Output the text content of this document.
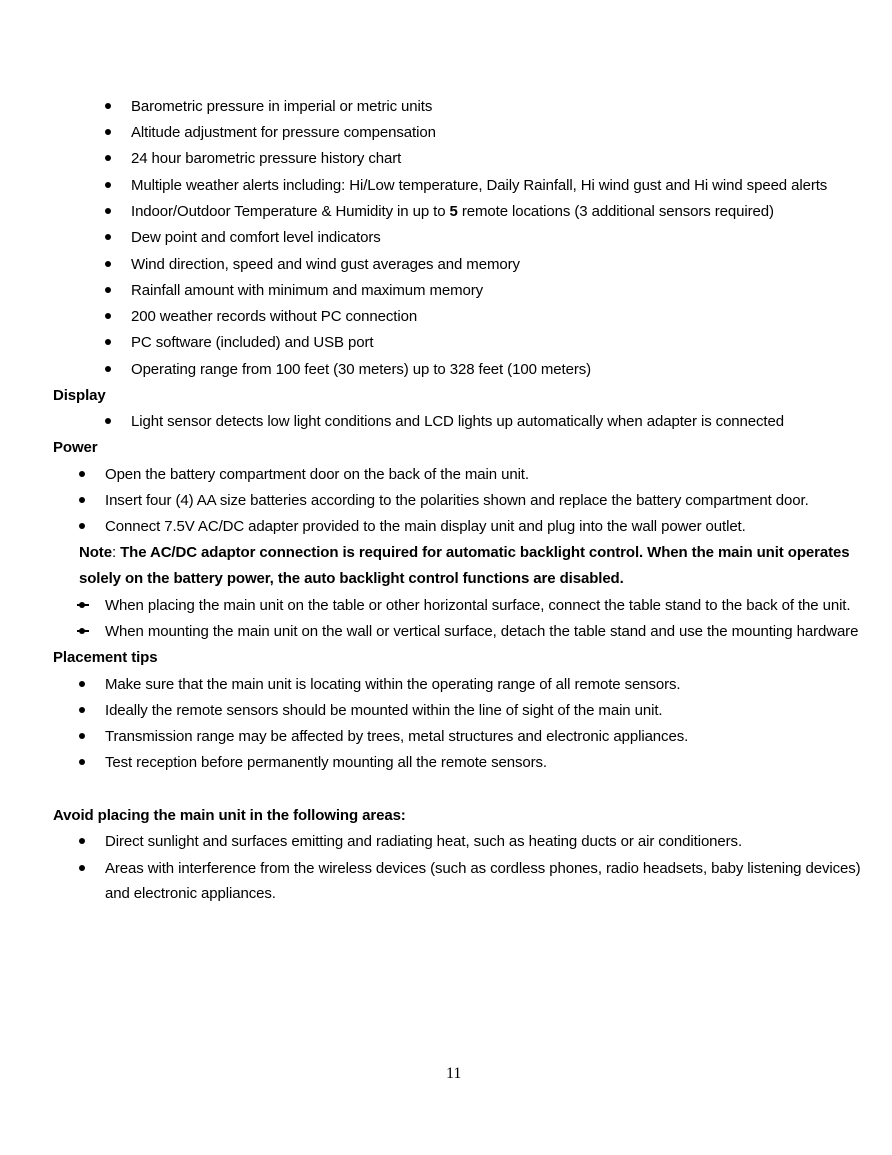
Barometric pressure in imperial or metric units
Altitude adjustment for pressure compensation
24 hour barometric pressure history chart
Multiple weather alerts including: Hi/Low temperature, Daily Rainfall, Hi wind gust and Hi wind speed alerts
Indoor/Outdoor Temperature & Humidity in up to 5 remote locations (3 additional sensors required)
Dew point and comfort level indicators
Wind direction, speed and wind gust averages and memory
Rainfall amount with minimum and maximum memory
200 weather records without PC connection
PC software (included) and USB port
Operating range from 100 feet (30 meters) up to 328 feet (100 meters)
Display
Light sensor detects low light conditions and LCD lights up automatically when adapter is connected
Power
Open the battery compartment door on the back of the main unit.
Insert four (4) AA size batteries according to the polarities shown and replace the battery compartment door.
Connect 7.5V AC/DC adapter provided to the main display unit and plug into the wall power outlet.
Note: The AC/DC adaptor connection is required for automatic backlight control. When the main unit operates
solely on the battery power, the auto backlight control functions are disabled.
When placing the main unit on the table or other horizontal surface, connect the table stand to the back of the unit.
When mounting the main unit on the wall or vertical surface, detach the table stand and use the mounting hardware
Placement tips
Make sure that the main unit is locating within the operating range of all remote sensors.
Ideally the remote sensors should be mounted within the line of sight of the main unit.
Transmission range may be affected by trees, metal structures and electronic appliances.
Test reception before permanently mounting all the remote sensors.
Avoid placing the main unit in the following areas:
Direct sunlight and surfaces emitting and radiating heat, such as heating ducts or air conditioners.
Areas with interference from the wireless devices (such as cordless phones, radio headsets, baby listening devices)
and electronic appliances.
11
